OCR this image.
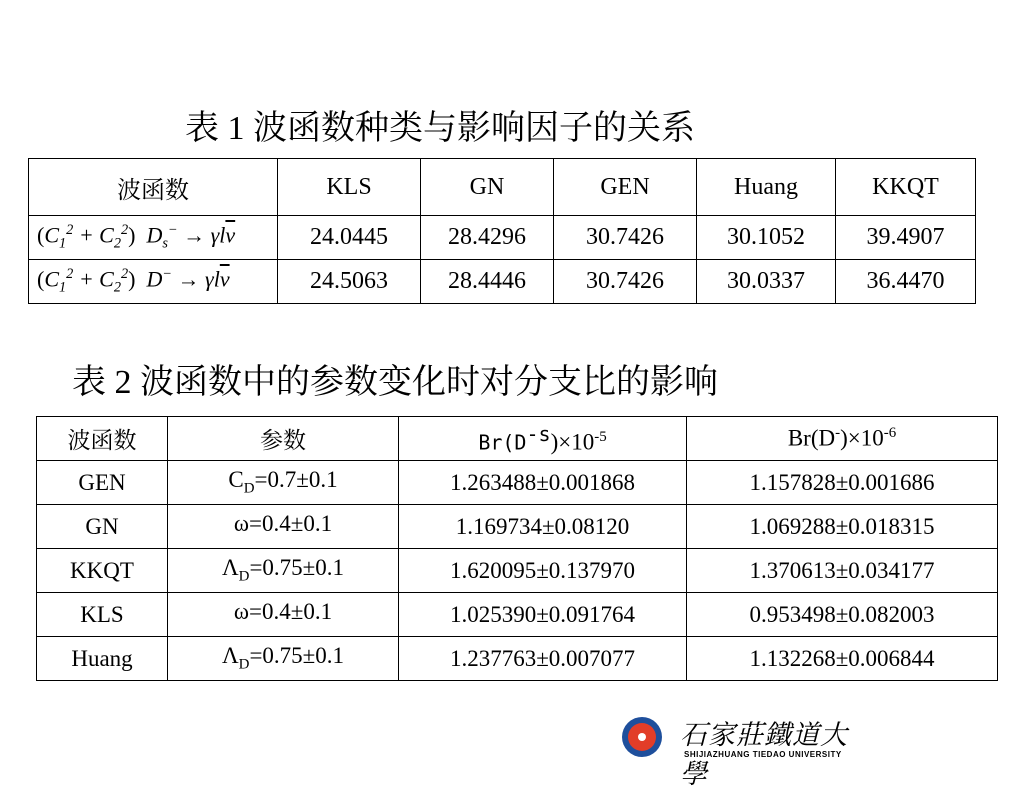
表 1 波函数种类与影响因子的关系
波函数	KLS	GN	GEN	Huang	KKQT
$(C_1^2 + C_2^2) D_s^- \to \gamma l\overline{\nu}$	24.0445	28.4296	30.7426	30.1052	39.4907
$(C_1^2 + C_2^2) D^- \to \gamma l\overline{\nu}$	24.5063	28.4446	30.7426	30.0337	36.4470
表 2 波函数中的参数变化时对分支比的影响
波函数	参数	$Br(D^{-s})\times 10^{-5}$	$Br(D^-)\times 10^{-6}$
GEN	$C_D=0.7\pm 0.1$	1.263488±0.001868	1.157828±0.001686
GN	ω=0.4±0.1	1.169734±0.08120	1.069288±0.018315
KKQT	$\Lambda_D=0.75\pm 0.1$	1.620095±0.137970	1.370613±0.034177
KLS	ω=0.4±0.1	1.025390±0.091764	0.953498±0.082003
Huang	$\Lambda_D=0.75\pm 0.1$	1.237763±0.007077	1.132268±0.006844
石家莊鐵道大學
SHIJIAZHUANG TIEDAO UNIVERSITY
